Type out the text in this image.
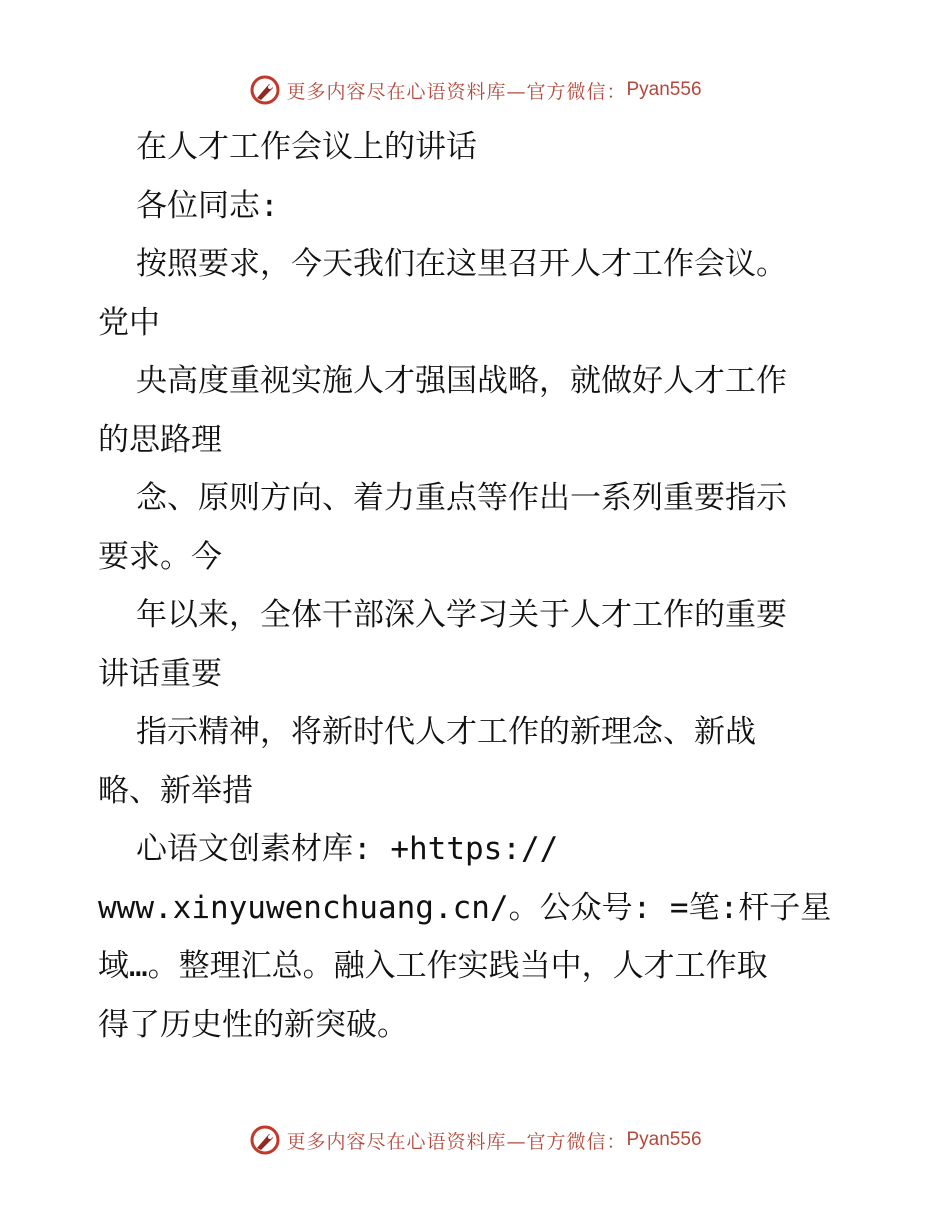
更多内容尽在心语资料库—官方微信： Pyan556
在人才工作会议上的讲话
各位同志:
按照要求，今天我们在这里召开人才工作会议。
党中
央高度重视实施人才强国战略，就做好人才工作
的思路理
念、原则方向、着力重点等作出一系列重要指示
要求。今
年以来，全体干部深入学习关于人才工作的重要
讲话重要
指示精神，将新时代人才工作的新理念、新战
略、新举措
心语文创素材库: +https://
www.xinyuwenchuang.cn/。公众号: =笔:杆子星
域…。整理汇总。融入工作实践当中，人才工作取
得了历史性的新突破。
更多内容尽在心语资料库—官方微信： Pyan556
